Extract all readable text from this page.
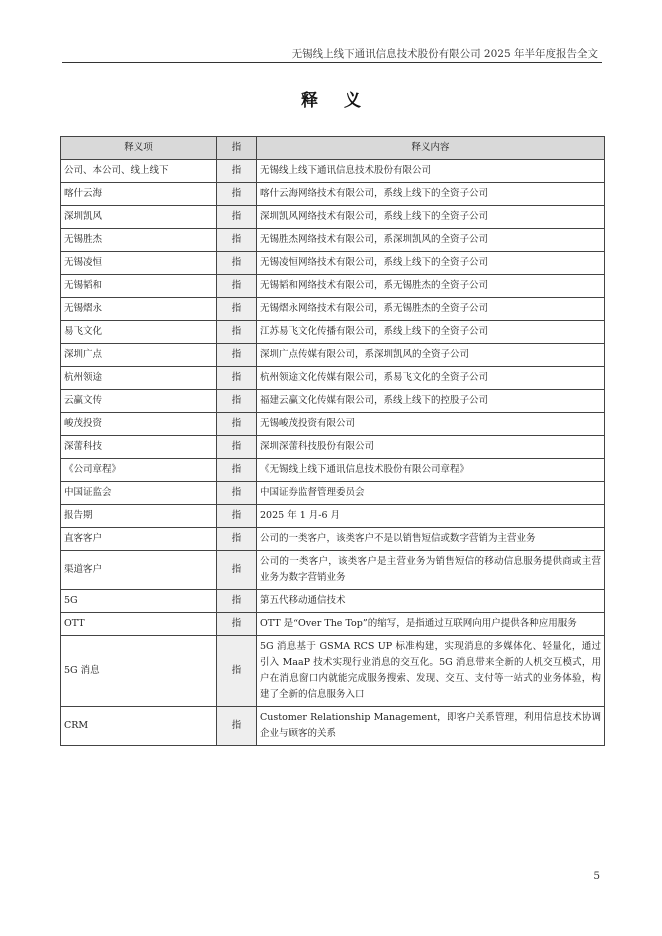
无锡线上线下通讯信息技术股份有限公司 2025 年半年度报告全文
释义
释义项	指	释义内容
公司、本公司、线上线下	指	无锡线上线下通讯信息技术股份有限公司
喀什云海	指	喀什云海网络技术有限公司，系线上线下的全资子公司
深圳凯风	指	深圳凯风网络技术有限公司，系线上线下的全资子公司
无锡胜杰	指	无锡胜杰网络技术有限公司，系深圳凯风的全资子公司
无锡凌恒	指	无锡凌恒网络技术有限公司，系线上线下的全资子公司
无锡韬和	指	无锡韬和网络技术有限公司，系无锡胜杰的全资子公司
无锡熠永	指	无锡熠永网络技术有限公司，系无锡胜杰的全资子公司
易飞文化	指	江苏易飞文化传播有限公司，系线上线下的全资子公司
深圳广点	指	深圳广点传媒有限公司，系深圳凯风的全资子公司
杭州领途	指	杭州领途文化传媒有限公司，系易飞文化的全资子公司
云赢文传	指	福建云赢文化传媒有限公司，系线上线下的控股子公司
峻茂投资	指	无锡峻茂投资有限公司
深蕾科技	指	深圳深蕾科技股份有限公司
《公司章程》	指	《无锡线上线下通讯信息技术股份有限公司章程》
中国证监会	指	中国证券监督管理委员会
报告期	指	2025 年 1 月-6 月
直客客户	指	公司的一类客户，该类客户不是以销售短信或数字营销为主营业务
渠道客户	指	公司的一类客户，该类客户是主营业务为销售短信的移动信息服务提供商或主营业务为数字营销业务
5G	指	第五代移动通信技术
OTT	指	OTT 是“Over The Top”的缩写，是指通过互联网向用户提供各种应用服务
5G 消息	指	5G 消息基于 GSMA RCS UP 标准构建，实现消息的多媒体化、轻量化，通过引入 MaaP 技术实现行业消息的交互化。5G 消息带来全新的人机交互模式，用户在消息窗口内就能完成服务搜索、发现、交互、支付等一站式的业务体验，构建了全新的信息服务入口
CRM	指	Customer Relationship Management，即客户关系管理，利用信息技术协调企业与顾客的关系
5
